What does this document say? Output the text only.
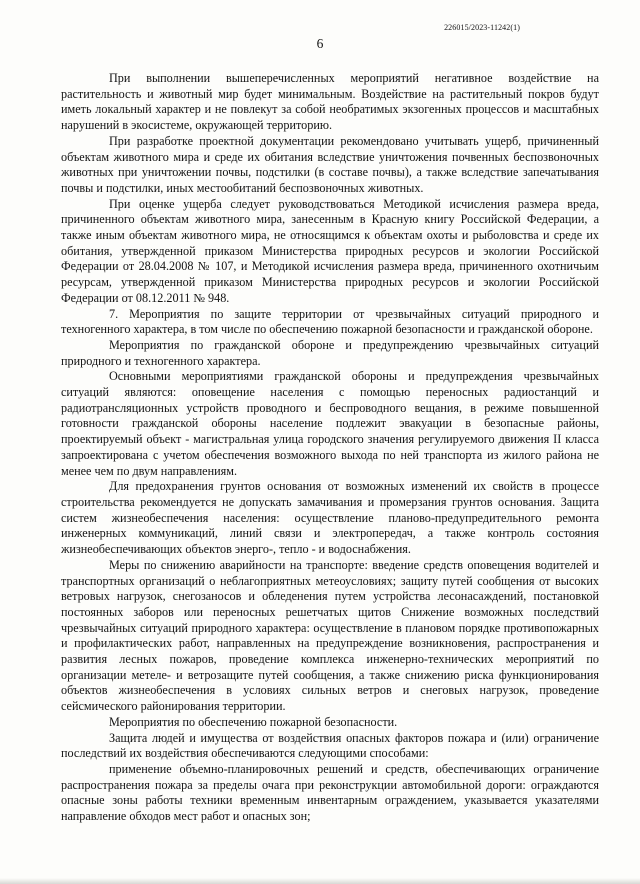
226015/2023-11242(1)
6

При выполнении вышеперечисленных мероприятий негативное воздействие на растительность и животный мир будет минимальным. Воздействие на растительный покров будут иметь локальный характер и не повлекут за собой необратимых экзогенных процессов и масштабных нарушений в экосистеме, окружающей территорию.

При разработке проектной документации рекомендовано учитывать ущерб, причиненный объектам животного мира и среде их обитания вследствие уничтожения почвенных беспозвоночных животных при уничтожении почвы, подстилки (в составе почвы), а также вследствие запечатывания почвы и подстилки, иных местообитаний беспозвоночных животных.

При оценке ущерба следует руководствоваться Методикой исчисления размера вреда, причиненного объектам животного мира, занесенным в Красную книгу Российской Федерации, а также иным объектам животного мира, не относящимся к объектам охоты и рыболовства и среде их обитания, утвержденной приказом Министерства природных ресурсов и экологии Российской Федерации от 28.04.2008 № 107, и Методикой исчисления размера вреда, причиненного охотничьим ресурсам, утвержденной приказом Министерства природных ресурсов и экологии Российской Федерации от 08.12.2011 № 948.

7. Мероприятия по защите территории от чрезвычайных ситуаций природного и техногенного характера, в том числе по обеспечению пожарной безопасности и гражданской обороне.

Мероприятия по гражданской обороне и предупреждению чрезвычайных ситуаций природного и техногенного характера.

Основными мероприятиями гражданской обороны и предупреждения чрезвычайных ситуаций являются: оповещение населения с помощью переносных радиостанций и радиотрансляционных устройств проводного и беспроводного вещания, в режиме повышенной готовности гражданской обороны население подлежит эвакуации в безопасные районы, проектируемый объект - магистральная улица городского значения регулируемого движения II класса запроектирована с учетом обеспечения возможного выхода по ней транспорта из жилого района не менее чем по двум направлениям.

Для предохранения грунтов основания от возможных изменений их свойств в процессе строительства рекомендуется не допускать замачивания и промерзания грунтов основания. Защита систем жизнеобеспечения населения: осуществление планово-предупредительного ремонта инженерных коммуникаций, линий связи и электропередач, а также контроль состояния жизнеобеспечивающих объектов энерго-, тепло - и водоснабжения.

Меры по снижению аварийности на транспорте: введение средств оповещения водителей и транспортных организаций о неблагоприятных метеоусловиях; защиту путей сообщения от высоких ветровых нагрузок, снегозаносов и обледенения путем устройства лесонасаждений, постановкой постоянных заборов или переносных решетчатых щитов Снижение возможных последствий чрезвычайных ситуаций природного характера: осуществление в плановом порядке противопожарных и профилактических работ, направленных на предупреждение возникновения, распространения и развития лесных пожаров, проведение комплекса инженерно-технических мероприятий по организации метеле- и ветрозащите путей сообщения, а также снижению риска функционирования объектов жизнеобеспечения в условиях сильных ветров и снеговых нагрузок, проведение сейсмического районирования территории.

Мероприятия по обеспечению пожарной безопасности.

Защита людей и имущества от воздействия опасных факторов пожара и (или) ограничение последствий их воздействия обеспечиваются следующими способами:

применение объемно-планировочных решений и средств, обеспечивающих ограничение распространения пожара за пределы очага при реконструкции автомобильной дороги: ограждаются опасные зоны работы техники временным инвентарным ограждением, указывается указателями направление обходов мест работ и опасных зон;
